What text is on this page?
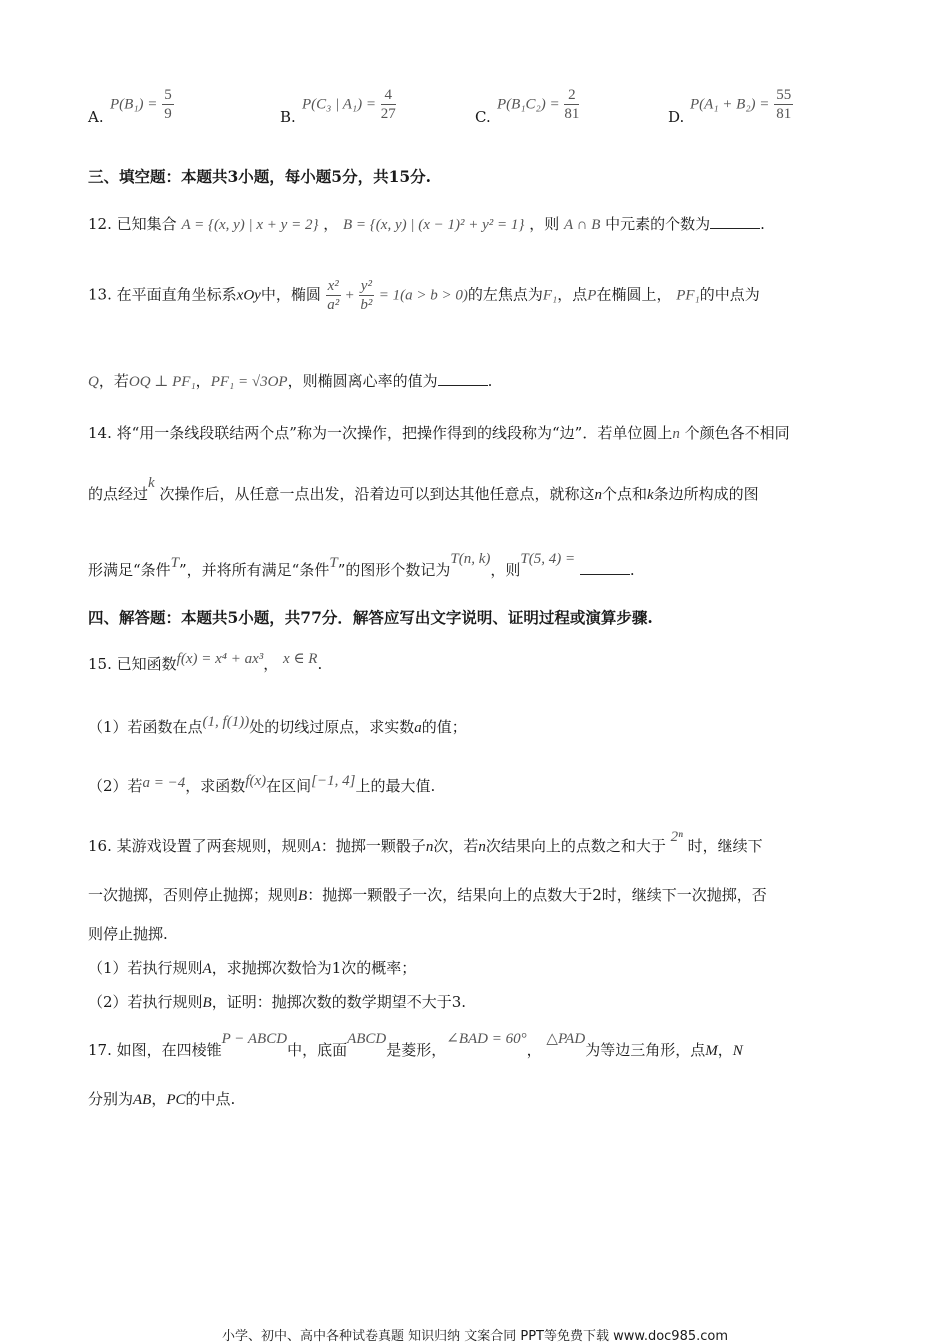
A.
$P(B_1) = \frac{5}{9}$	B.
P(C₃ | $A_1) = \frac{4}{27}$	C.
$P(B_1C_2) = \frac{2}{81}$	D.
$P(A_1 + B_2) = \frac{55}{81}$
三、填空题：本题共3小题，每小题5分，共15分.
12. 已知集合 A = {(x, y) | x + y = 2} ， B = {(x, y) | (x − 1)² + y² = 1} ，则 A ∩ B 中元素的个数为	.
13. 在平面直角坐标系xOy中，椭圆 $\frac{\text{x²}}{\text{a²}} + \frac{\text{y²}}{\text{b²}} = 1(a > b > 0)$的左焦点为F₁，点P在椭圆上， PF₁的中点为
Q，若OQ ⊥ PF₁，PF₁ = √3OP，则椭圆离心率的值为	.
14. 将“用一条线段联结两个点”称为一次操作，把操作得到的线段称为“边”．若单位圆上n 个颜色各不相同
的点经过k 次操作后，从任意一点出发，沿着边可以到达其他任意点，就称这n个点和k条边所构成的图
形满足“条件T”，并将所有满足“条件T”的图形个数记为T(n, k)，则T(5, 4) = .
四、解答题：本题共5小题，共77分．解答应写出文字说明、证明过程或演算步骤.
15. 已知函数f(x) = x⁴ + ax³， x ∈ R.
（1）若函数在点(1, f(1))处的切线过原点，求实数a的值；
（2）若a = −4，求函数f(x)在区间[−1, 4]上的最大值.
16. 某游戏设置了两套规则，规则A：抛掷一颗骰子n次，若n次结果向上的点数之和大于 2ⁿ 时，继续下
一次抛掷，否则停止抛掷；规则B：抛掷一颗骰子一次，结果向上的点数大于2时，继续下一次抛掷，否
则停止抛掷.
（1）若执行规则A，求抛掷次数恰为1次的概率；
（2）若执行规则B，证明：抛掷次数的数学期望不大于3.
17. 如图，在四棱锥P − ABCD中，底面ABCD是菱形，∠BAD = 60°， △PAD为等边三角形，点M，N
分别为AB，PC的中点.
小学、初中、高中各种试卷真题 知识归纳 文案合同 PPT等免费下载 www.doc985.com
